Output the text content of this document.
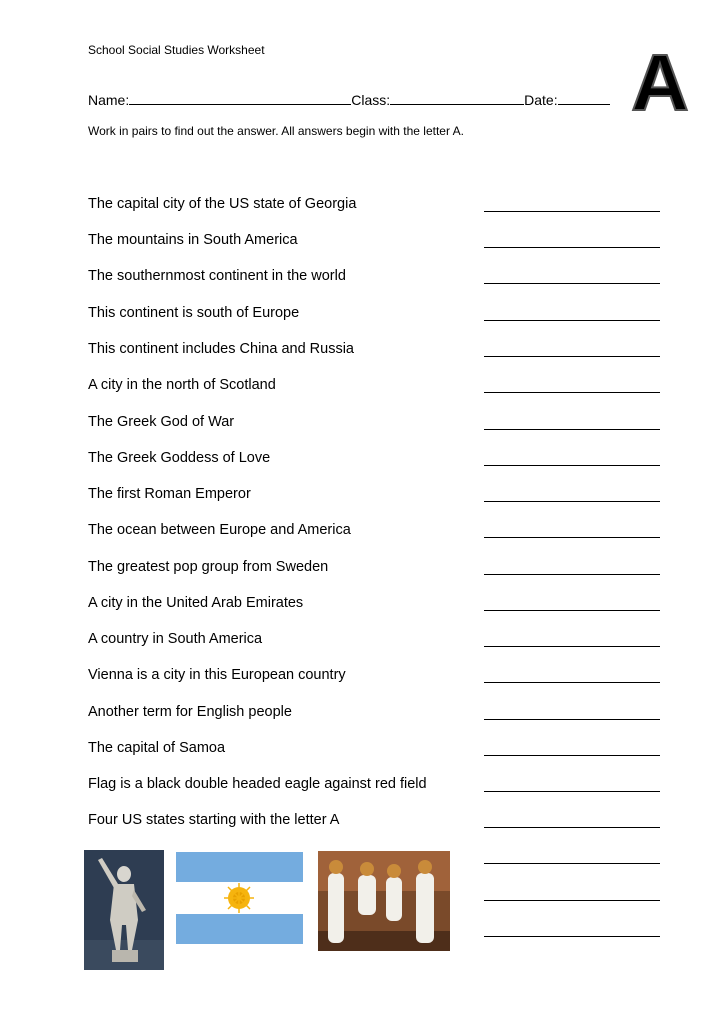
School Social Studies Worksheet
Name:	Class:	Date:
Work in pairs to find out the answer. All answers begin with the letter A.
A
The capital city of the US state of Georgia
The mountains in South America
The southernmost continent in the world
This continent is south of Europe
This continent includes China and Russia
A city in the north of Scotland
The Greek God of War
The Greek Goddess of Love
The first Roman Emperor
The ocean between Europe and America
The greatest pop group from Sweden
A city in the United Arab Emirates
A country in South America
Vienna is a city in this European country
Another term for English people
The capital of Samoa
Flag is a black double headed eagle against red field
Four US states starting with the letter A
